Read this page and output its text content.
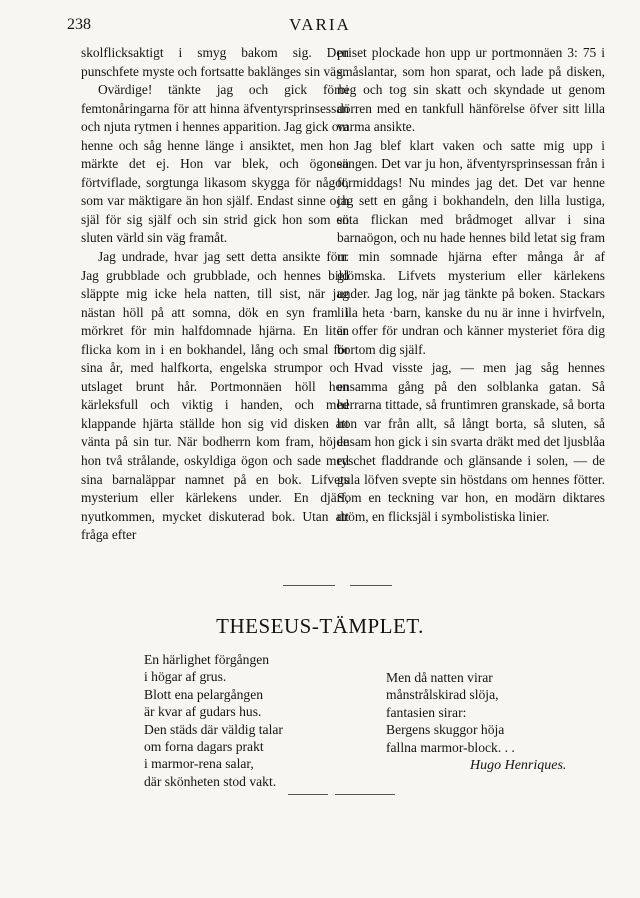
238	VARIA

skolflicksaktigt i smyg bakom sig. Den punschfete myste och fortsatte baklänges sin väg.

Ovärdige! tänkte jag och gick förbi femtonåringarna för att hinna äfventyrsprinsessan och njuta rytmen i hennes apparition. Jag gick om henne och såg henne länge i ansiktet, men hon märkte det ej. Hon var blek, och ögonen förtviflade, sorgtunga likasom skygga för något, som var mäktigare än hon själf. Endast sinne och själ för sig själf och sin strid gick hon som en sluten värld sin väg framåt.

Jag undrade, hvar jag sett detta ansikte förr. Jag grubblade och grubblade, och hennes bild släppte mig icke hela natten, till sist, när jag nästan höll på att somna, dök en syn fram i mörkret för min halfdomnade hjärna. En liten flicka kom in i en bokhandel, lång och smal för sina år, med halfkorta, engelska strumpor och utslaget brunt hår. Portmonnäen höll hon kärleksfull och viktig i handen, och med klappande hjärta ställde hon sig vid disken att vänta på sin tur. När bodherrn kom fram, höjde hon två strålande, oskyldiga ögon och sade med sina barnaläppar namnet på en bok. Lifvets mysterium eller kärlekens under. En djärf, nyutkommen, mycket diskuterad bok. Utan att fråga efter

priset plockade hon upp ur portmonnäen 3: 75 i småslantar, som hon sparat, och lade på disken, neg och tog sin skatt och skyndade ut genom dörren med en tankfull hänförelse öfver sitt lilla varma ansikte.

Jag blef klart vaken och satte mig upp i sängen. Det var ju hon, äfventyrsprinsessan från i förmiddags! Nu mindes jag det. Det var henne jag sett en gång i bokhandeln, den lilla lustiga, söta flickan med brådmoget allvar i sina barnaögon, och nu hade hennes bild letat sig fram ur min somnade hjärna efter många år af glömska. Lifvets mysterium eller kärlekens under. Jag log, när jag tänkte på boken. Stackars lilla heta ·barn, kanske du nu är inne i hvirfveln, är offer för undran och känner mysteriet föra dig bortom dig själf.

Hvad visste jag, — men jag såg hennes ensamma gång på den solblanka gatan. Så herrarna tittade, så fruntimren granskade, så borta hon var från allt, så långt borta, så sluten, så ensam hon gick i sin svarta dräkt med det ljusblåa ryschet fladdrande och glänsande i solen, — de gula löfven svepte sin höstdans om hennes fötter. Som en teckning var hon, en modärn diktares dröm, en flicksjäl i symbolistiska linier.

THESEUS-TÄMPLET.
En härlighet förgången
i högar af grus.
Blott ena pelargången
är kvar af gudars hus.
Den städs där väldig talar
om forna dagars prakt
i marmor-rena salar,
där skönheten stod vakt.
Men då natten virar
månstrålskirad slöja,
fantasien sirar:
Bergens skuggor höja
fallna marmor-block. . .
Hugo Henriques.
